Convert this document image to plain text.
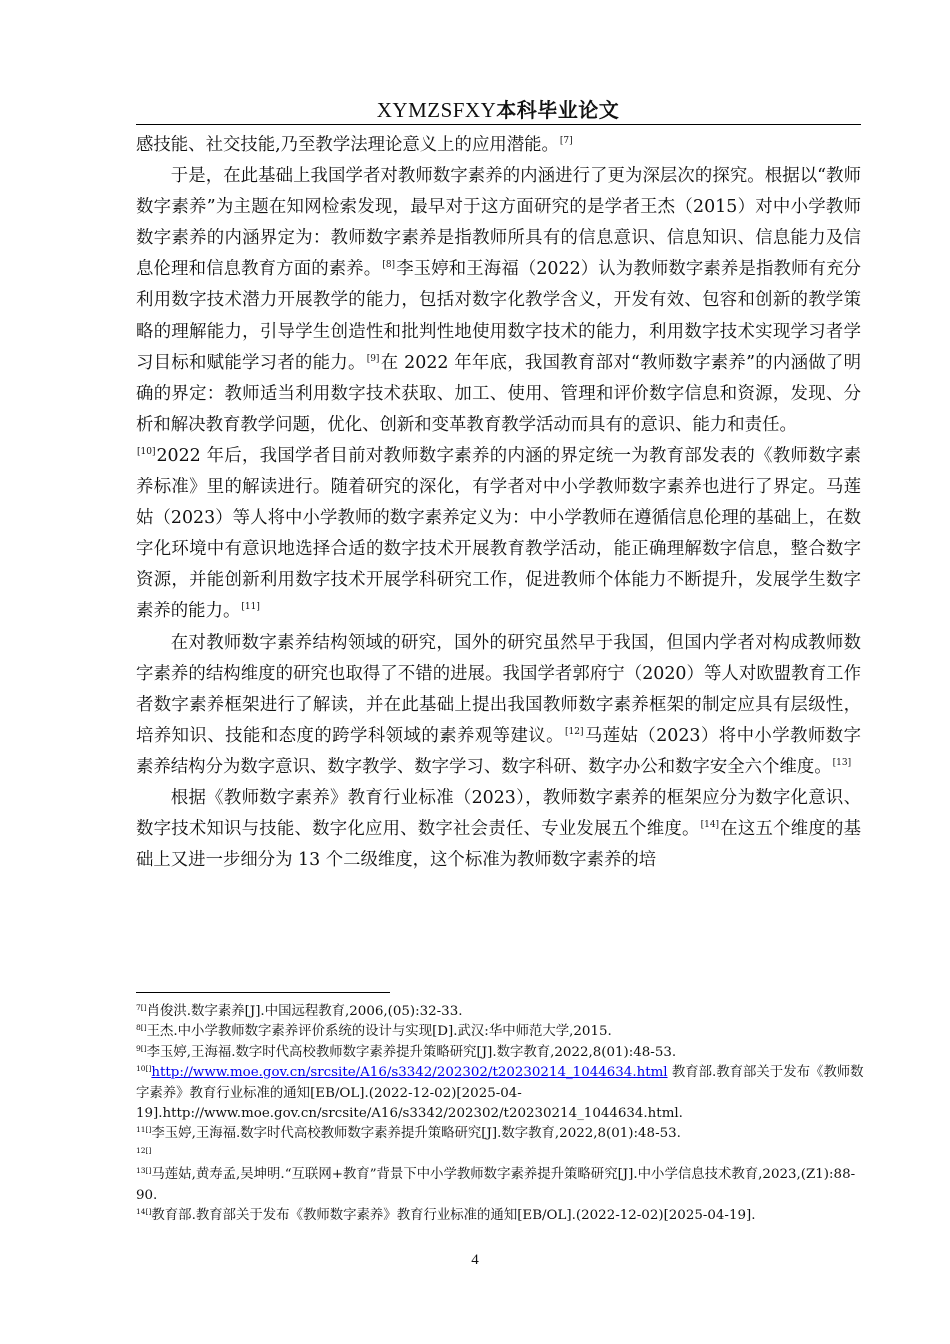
XYMZSFXY本科毕业论文

感技能、社交技能,乃至教学法理论意义上的应用潜能。[7]

于是，在此基础上我国学者对教师数字素养的内涵进行了更为深层次的探究。根据以“教师数字素养”为主题在知网检索发现，最早对于这方面研究的是学者王杰（2015）对中小学教师数字素养的内涵界定为：教师数字素养是指教师所具有的信息意识、信息知识、信息能力及信息伦理和信息教育方面的素养。[8]李玉婷和王海福（2022）认为教师数字素养是指教师有充分利用数字技术潜力开展教学的能力，包括对数字化教学含义，开发有效、包容和创新的教学策略的理解能力，引导学生创造性和批判性地使用数字技术的能力，利用数字技术实现学习者学习目标和赋能学习者的能力。[9]在 2022 年年底，我国教育部对“教师数字素养”的内涵做了明确的界定：教师适当利用数字技术获取、加工、使用、管理和评价数字信息和资源，发现、分析和解决教育教学问题，优化、创新和变革教育教学活动而具有的意识、能力和责任。

[10]2022 年后，我国学者目前对教师数字素养的内涵的界定统一为教育部发表的《教师数字素养标准》里的解读进行。随着研究的深化，有学者对中小学教师数字素养也进行了界定。马莲姑（2023）等人将中小学教师的数字素养定义为：中小学教师在遵循信息伦理的基础上，在数字化环境中有意识地选择合适的数字技术开展教育教学活动，能正确理解数字信息，整合数字资源，并能创新利用数字技术开展学科研究工作，促进教师个体能力不断提升，发展学生数字素养的能力。[11]

在对教师数字素养结构领域的研究，国外的研究虽然早于我国，但国内学者对构成教师数字素养的结构维度的研究也取得了不错的进展。我国学者郭府宁（2020）等人对欧盟教育工作者数字素养框架进行了解读，并在此基础上提出我国教师数字素养框架的制定应具有层级性，培养知识、技能和态度的跨学科领域的素养观等建议。[12]马莲姑（2023）将中小学教师数字素养结构分为数字意识、数字教学、数字学习、数字科研、数字办公和数字安全六个维度。[13]

根据《教师数字素养》教育行业标准（2023），教师数字素养的框架应分为数字化意识、数字技术知识与技能、数字化应用、数字社会责任、专业发展五个维度。[14]在这五个维度的基础上又进一步细分为 13 个二级维度，这个标准为教师数字素养的培

$^{7[]}$肖俊洪.数字素养[J].中国远程教育,2006,(05):32-33.

$^{8[]}$王杰.中小学教师数字素养评价系统的设计与实现[D].武汉:华中师范大学,2015.

$^{9[]}$李玉婷,王海福.数字时代高校教师数字素养提升策略研究[J].数字教育,2022,8(01):48-53.

$^{10[]}$http://www.moe.gov.cn/srcsite/A16/s3342/202302/t20230214_1044634.html 教育部.教育部关于发布《教师数字素养》教育行业标准的通知[EB/OL].(2022-12-02)[2025-04-19].http://www.moe.gov.cn/srcsite/A16/s3342/202302/t20230214_1044634.html.

$^{11[]}$李玉婷,王海福.数字时代高校教师数字素养提升策略研究[J].数字教育,2022,8(01):48-53.

$^{12[]}$

$^{13[]}$马莲姑,黄寿孟,吴坤明.“互联网+教育”背景下中小学教师数字素养提升策略研究[J].中小学信息技术教育,2023,(Z1):88-90.

$^{14[]}$教育部.教育部关于发布《教师数字素养》教育行业标准的通知[EB/OL].(2022-12-02)[2025-04-19].

4
